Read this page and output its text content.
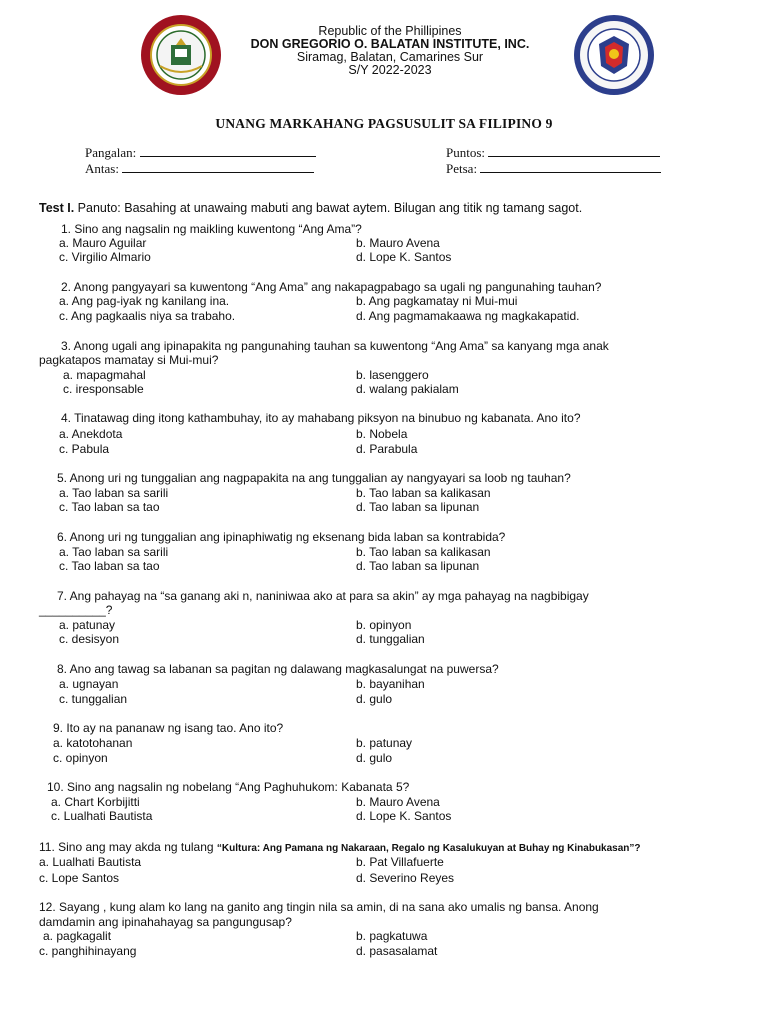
Republic of the Phillipines
DON GREGORIO O. BALATAN INSTITUTE, INC.
Siramag, Balatan, Camarines Sur
S/Y 2022-2023
UNANG MARKAHANG PAGSUSULIT SA FILIPINO 9
Pangalan:
Antas:
Puntos:
Petsa:
Test I. Panuto: Basahing at unawaing mabuti ang bawat aytem. Bilugan ang titik ng tamang sagot.
1. Sino ang nagsalin ng maikling kuwentong “Ang Ama”?
a. Mauro Aguilar	b. Mauro Avena
c. Virgilio Almario	d. Lope K. Santos
2. Anong pangyayari sa kuwentong “Ang Ama” ang nakapagpabago sa ugali ng pangunahing tauhan?
a. Ang pag-iyak ng kanilang ina.	b. Ang pagkamatay ni Mui-mui
c. Ang pagkaalis niya sa trabaho.	d. Ang pagmamakaawa ng magkakapatid.
3. Anong ugali ang ipinapakita ng pangunahing tauhan sa kuwentong “Ang Ama” sa kanyang mga anak
pagkatapos mamatay si Mui-mui?
a. mapagmahal	b. lasenggero
c. iresponsable	d. walang pakialam
4. Tinatawag ding itong kathambuhay, ito ay mahabang piksyon na binubuo ng kabanata. Ano ito?
a. Anekdota	b. Nobela
c. Pabula	d. Parabula
5. Anong uri ng tunggalian ang nagpapakita na ang tunggalian ay nangyayari sa loob ng tauhan?
a. Tao laban sa sarili	b. Tao laban sa kalikasan
c. Tao laban sa tao	d. Tao laban sa lipunan
6. Anong uri ng tunggalian ang ipinaphiwatig ng eksenang bida laban sa kontrabida?
a. Tao laban sa sarili	b. Tao laban sa kalikasan
c. Tao laban sa tao	d. Tao laban sa lipunan
7. Ang pahayag na “sa ganang aki n, naniniwaa ako at para sa akin” ay mga pahayag na nagbibigay
__________?
a. patunay	b. opinyon
c. desisyon	d. tunggalian
8. Ano ang tawag sa labanan sa pagitan ng dalawang magkasalungat na puwersa?
a. ugnayan	b. bayanihan
c. tunggalian	d. gulo
9. Ito ay na pananaw ng isang tao. Ano ito?
a. katotohanan	b. patunay
c. opinyon	d. gulo
10. Sino ang nagsalin ng nobelang “Ang Paghuhukom: Kabanata 5?
a. Chart Korbijitti	b. Mauro Avena
c. Lualhati Bautista	d. Lope K. Santos
11. Sino ang may akda ng tulang “Kultura: Ang Pamana ng Nakaraan, Regalo ng Kasalukuyan at Buhay ng Kinabukasan”?
a. Lualhati Bautista	b. Pat Villafuerte
c. Lope Santos	d. Severino Reyes
12. Sayang , kung alam ko lang na ganito ang tingin nila sa amin, di na sana ako umalis ng bansa. Anong
damdamin ang ipinahahayag sa pangungusap?
a. pagkagalit	b. pagkatuwa
c. panghihinayang	d. pasasalamat
